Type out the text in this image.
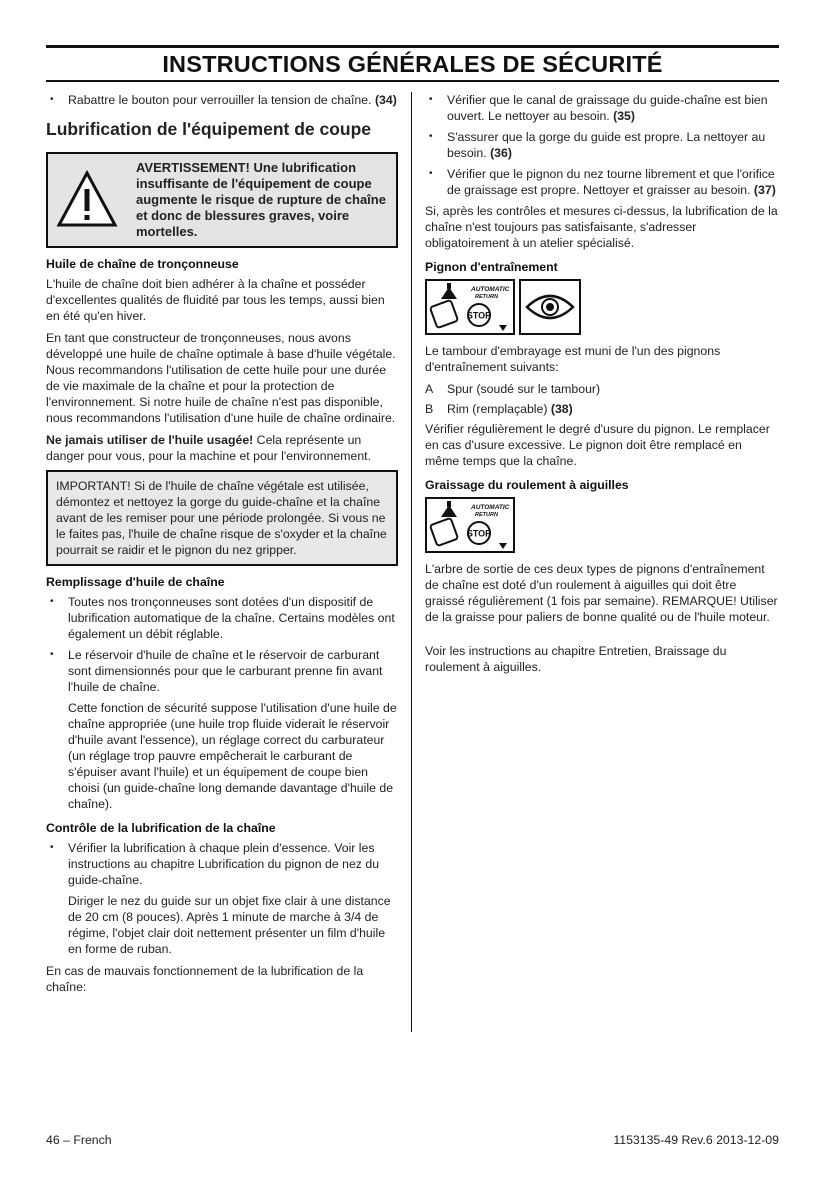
INSTRUCTIONS GÉNÉRALES DE SÉCURITÉ
• Rabattre le bouton pour verrouiller la tension de chaîne. (34)
Lubrification de l'équipement de coupe
AVERTISSEMENT! Une lubrification insuffisante de l'équipement de coupe augmente le risque de rupture de chaîne et donc de blessures graves, voire mortelles.
Huile de chaîne de tronçonneuse

L'huile de chaîne doit bien adhérer à la chaîne et posséder d'excellentes qualités de fluidité par tous les temps, aussi bien en été qu'en hiver.

En tant que constructeur de tronçonneuses, nous avons développé une huile de chaîne optimale à base d'huile végétale. Nous recommandons l'utilisation de cette huile pour une durée de vie maximale de la chaîne et pour la protection de l'environnement. Si notre huile de chaîne n'est pas disponible, nous recommandons l'utilisation d'une huile de chaîne ordinaire.

Ne jamais utiliser de l'huile usagée! Cela représente un danger pour vous, pour la machine et pour l'environnement.

IMPORTANT! Si de l'huile de chaîne végétale est utilisée, démontez et nettoyez la gorge du guide-chaîne et la chaîne avant de les remiser pour une période prolongée. Si vous ne le faites pas, l'huile de chaîne risque de s'oxyder et la chaîne pourrait se raidir et le pignon du nez gripper.
Remplissage d'huile de chaîne
• Toutes nos tronçonneuses sont dotées d'un dispositif de lubrification automatique de la chaîne. Certains modèles ont également un débit réglable.
• Le réservoir d'huile de chaîne et le réservoir de carburant sont dimensionnés pour que le carburant prenne fin avant l'huile de chaîne.

Cette fonction de sécurité suppose l'utilisation d'une huile de chaîne appropriée (une huile trop fluide viderait le réservoir d'huile avant l'essence), un réglage correct du carburateur (un réglage trop pauvre empêcherait le carburant de s'épuiser avant l'huile) et un équipement de coupe bien choisi (un guide-chaîne long demande davantage d'huile de chaîne).

Contrôle de la lubrification de la chaîne
• Vérifier la lubrification à chaque plein d'essence. Voir les instructions au chapitre Lubrification du pignon de nez du guide-chaîne.

Diriger le nez du guide sur un objet fixe clair à une distance de 20 cm (8 pouces). Après 1 minute de marche à 3/4 de régime, l'objet clair doit nettement présenter un film d'huile en forme de ruban.

En cas de mauvais fonctionnement de la lubrification de la chaîne:

• Vérifier que le canal de graissage du guide-chaîne est bien ouvert. Le nettoyer au besoin. (35)
• S'assurer que la gorge du guide est propre. La nettoyer au besoin. (36)
• Vérifier que le pignon du nez tourne librement et que l'orifice de graissage est propre. Nettoyer et graisser au besoin. (37)

Si, après les contrôles et mesures ci-dessus, la lubrification de la chaîne n'est toujours pas satisfaisante, s'adresser obligatoirement à un atelier spécialisé.

Pignon d'entraînement
STOP
AUTOMATIC
RETURN

Le tambour d'embrayage est muni de l'un des pignons d'entraînement suivants:

A Spur (soudé sur le tambour)
B Rim (remplaçable) (38)

Vérifier régulièrement le degré d'usure du pignon. Le remplacer en cas d'usure excessive. Le pignon doit être remplacé en même temps que la chaîne.

Graissage du roulement à aiguilles
STOP
AUTOMATIC
RETURN

L'arbre de sortie de ces deux types de pignons d'entraînement de chaîne est doté d'un roulement à aiguilles qui doit être graissé régulièrement (1 fois par semaine). REMARQUE! Utiliser de la graisse pour paliers de bonne qualité ou de l'huile moteur.

Voir les instructions au chapitre Entretien, Braissage du roulement à aiguilles.

46 – French	1153135-49 Rev.6 2013-12-09
